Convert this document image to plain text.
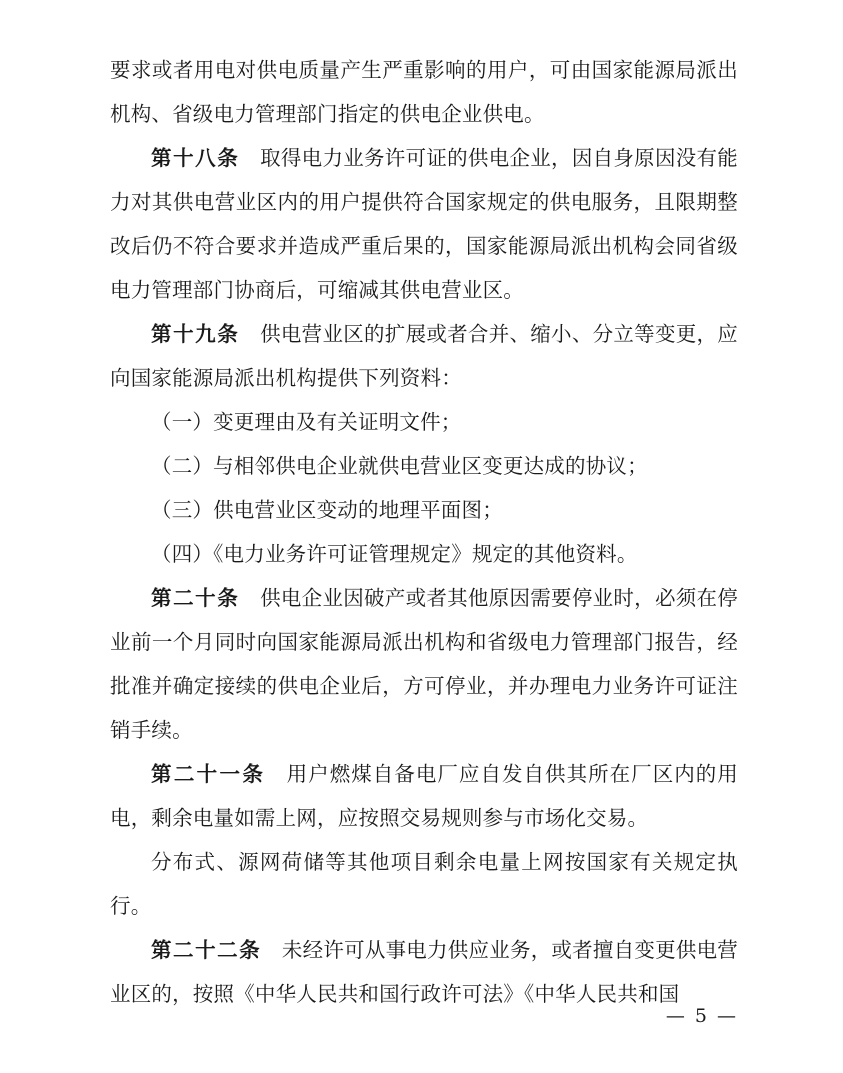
要求或者用电对供电质量产生严重影响的用户，可由国家能源局派出机构、省级电力管理部门指定的供电企业供电。

第十八条　取得电力业务许可证的供电企业，因自身原因没有能力对其供电营业区内的用户提供符合国家规定的供电服务，且限期整改后仍不符合要求并造成严重后果的，国家能源局派出机构会同省级电力管理部门协商后，可缩减其供电营业区。

第十九条　供电营业区的扩展或者合并、缩小、分立等变更，应向国家能源局派出机构提供下列资料：

（一）变更理由及有关证明文件；

（二）与相邻供电企业就供电营业区变更达成的协议；

（三）供电营业区变动的地理平面图；

（四）《电力业务许可证管理规定》规定的其他资料。

第二十条　供电企业因破产或者其他原因需要停业时，必须在停业前一个月同时向国家能源局派出机构和省级电力管理部门报告，经批准并确定接续的供电企业后，方可停业，并办理电力业务许可证注销手续。

第二十一条　用户燃煤自备电厂应自发自供其所在厂区内的用电，剩余电量如需上网，应按照交易规则参与市场化交易。

分布式、源网荷储等其他项目剩余电量上网按国家有关规定执行。

第二十二条　未经许可从事电力供应业务，或者擅自变更供电营业区的，按照《中华人民共和国行政许可法》《中华人民共和国

— 5 —
